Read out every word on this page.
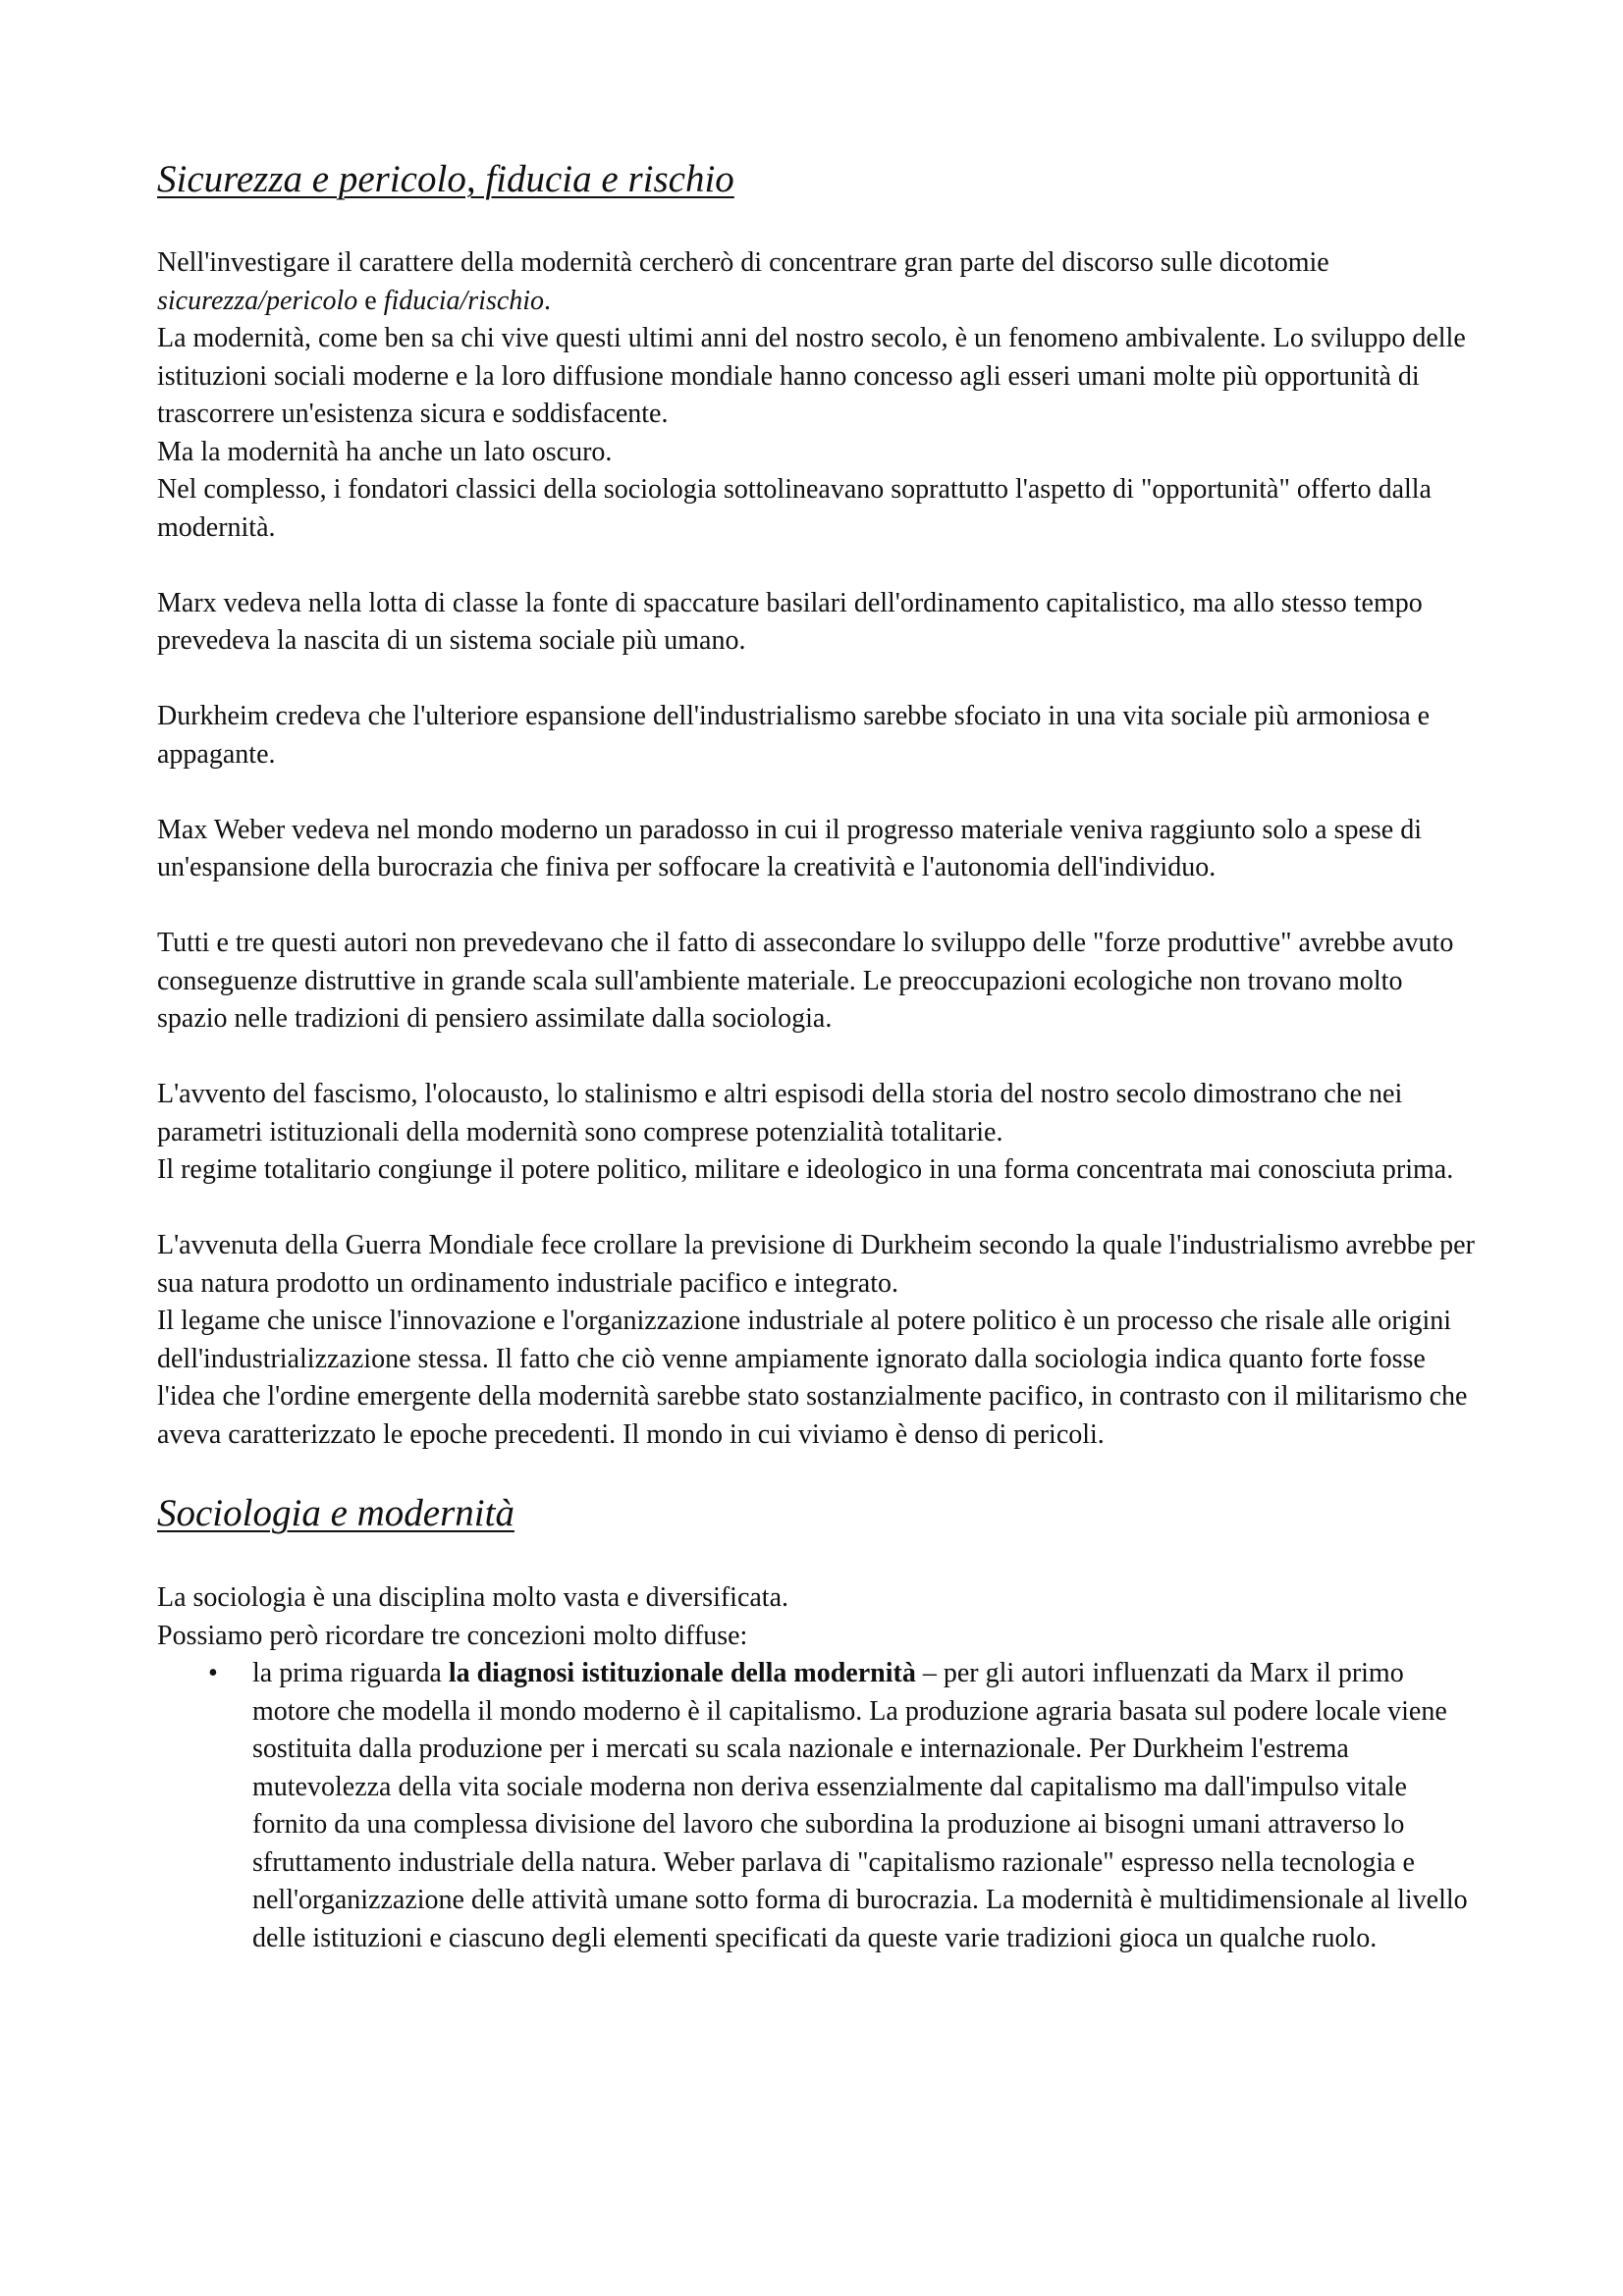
Sicurezza e pericolo, fiducia e rischio

Nell'investigare il carattere della modernità cercherò di concentrare gran parte del discorso sulle dicotomie sicurezza/pericolo e fiducia/rischio.

La modernità, come ben sa chi vive questi ultimi anni del nostro secolo, è un fenomeno ambivalente. Lo sviluppo delle istituzioni sociali moderne e la loro diffusione mondiale hanno concesso agli esseri umani molte più opportunità di trascorrere un'esistenza sicura e soddisfacente.

Ma la modernità ha anche un lato oscuro.

Nel complesso, i fondatori classici della sociologia sottolineavano soprattutto l'aspetto di "opportunità" offerto dalla modernità.

Marx vedeva nella lotta di classe la fonte di spaccature basilari dell'ordinamento capitalistico, ma allo stesso tempo prevedeva la nascita di un sistema sociale più umano.

Durkheim credeva che l'ulteriore espansione dell'industrialismo sarebbe sfociato in una vita sociale più armoniosa e appagante.

Max Weber vedeva nel mondo moderno un paradosso in cui il progresso materiale veniva raggiunto solo a spese di un'espansione della burocrazia che finiva per soffocare la creatività e l'autonomia dell'individuo.

Tutti e tre questi autori non prevedevano che il fatto di assecondare lo sviluppo delle "forze produttive" avrebbe avuto conseguenze distruttive in grande scala sull'ambiente materiale. Le preoccupazioni ecologiche non trovano molto spazio nelle tradizioni di pensiero assimilate dalla sociologia.

L'avvento del fascismo, l'olocausto, lo stalinismo e altri espisodi della storia del nostro secolo dimostrano che nei parametri istituzionali della modernità sono comprese potenzialità totalitarie.

Il regime totalitario congiunge il potere politico, militare e ideologico in una forma concentrata mai conosciuta prima.

L'avvenuta della Guerra Mondiale fece crollare la previsione di Durkheim secondo la quale l'industrialismo avrebbe per sua natura prodotto un ordinamento industriale pacifico e integrato.

Il legame che unisce l'innovazione e l'organizzazione industriale al potere politico è un processo che risale alle origini dell'industrializzazione stessa. Il fatto che ciò venne ampiamente ignorato dalla sociologia indica quanto forte fosse l'idea che l'ordine emergente della modernità sarebbe stato sostanzialmente pacifico, in contrasto con il militarismo che aveva caratterizzato le epoche precedenti. Il mondo in cui viviamo è denso di pericoli.

Sociologia e modernità

La sociologia è una disciplina molto vasta e diversificata.

Possiamo però ricordare tre concezioni molto diffuse:

• la prima riguarda la diagnosi istituzionale della modernità – per gli autori influenzati da Marx il primo motore che modella il mondo moderno è il capitalismo. La produzione agraria basata sul podere locale viene sostituita dalla produzione per i mercati su scala nazionale e internazionale. Per Durkheim l'estrema mutevolezza della vita sociale moderna non deriva essenzialmente dal capitalismo ma dall'impulso vitale fornito da una complessa divisione del lavoro che subordina la produzione ai bisogni umani attraverso lo sfruttamento industriale della natura. Weber parlava di "capitalismo razionale" espresso nella tecnologia e nell'organizzazione delle attività umane sotto forma di burocrazia. La modernità è multidimensionale al livello delle istituzioni e ciascuno degli elementi specificati da queste varie tradizioni gioca un qualche ruolo.
